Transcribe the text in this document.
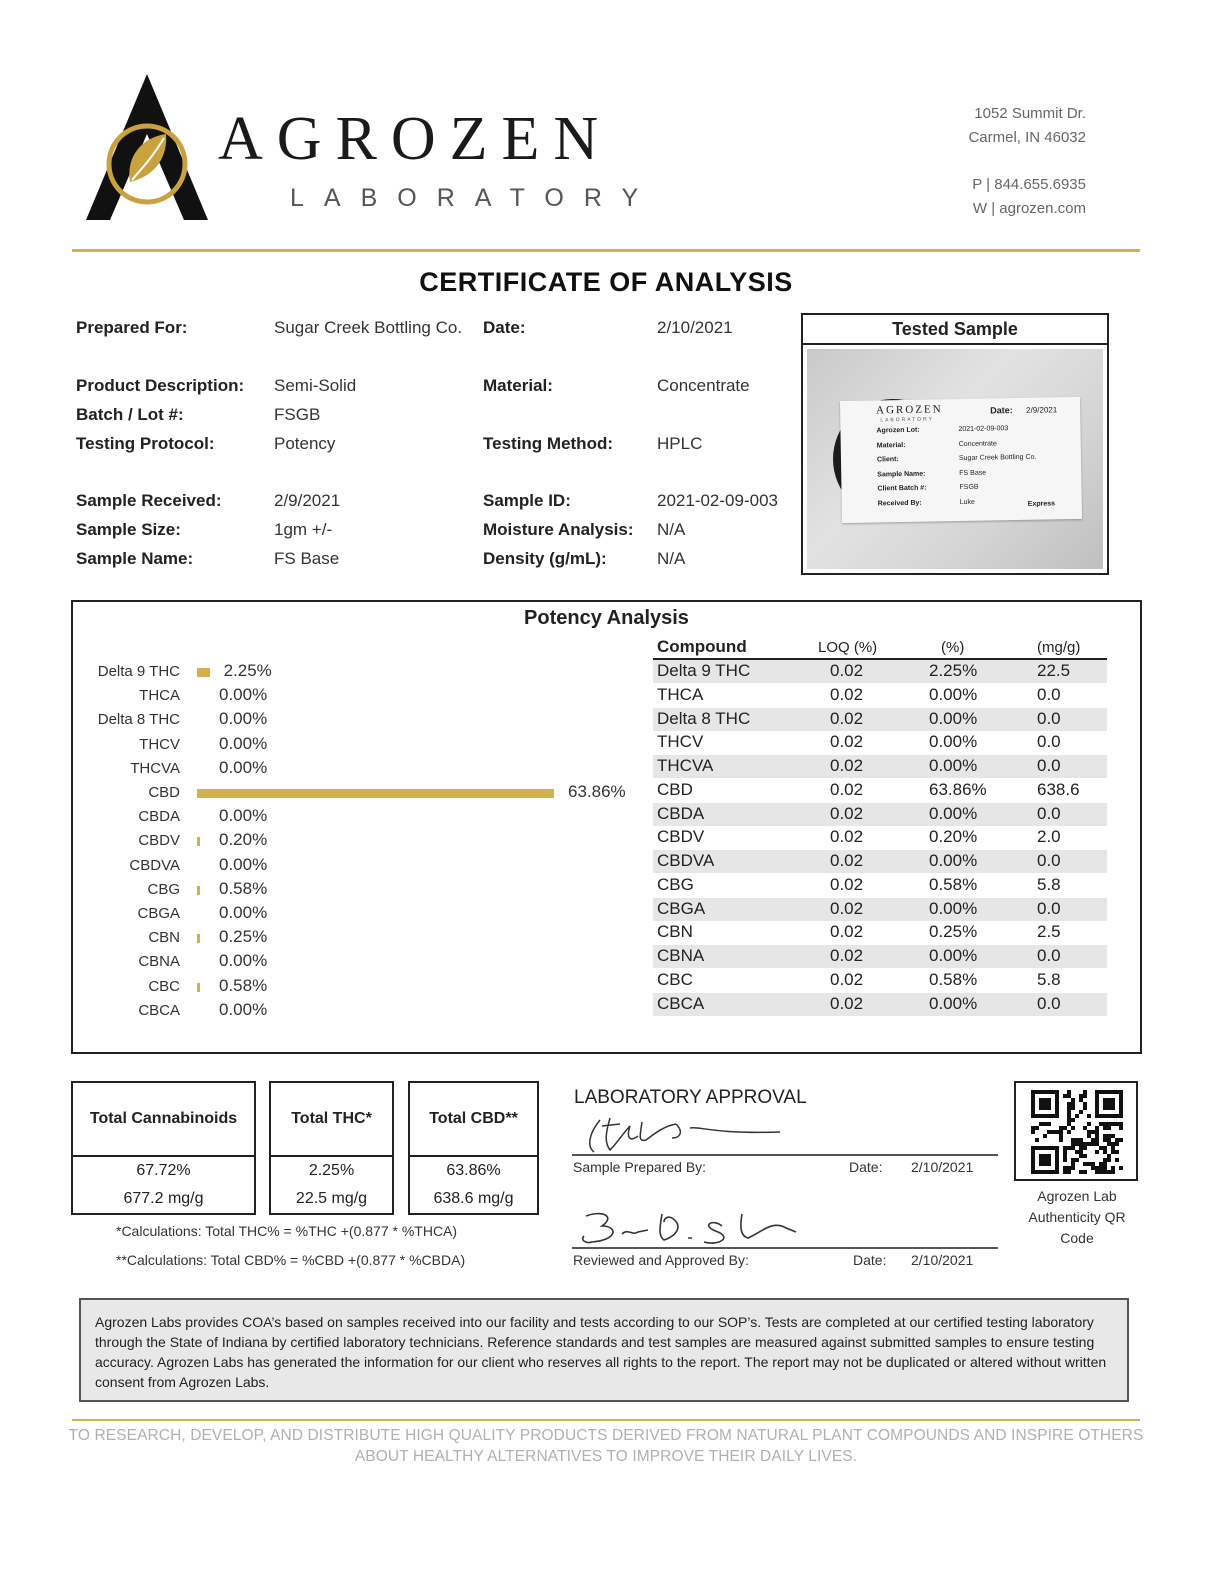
AGROZEN
LABORATORY
1052 Summit Dr.
Carmel, IN 46032
P | 844.655.6935
W | agrozen.com
CERTIFICATE OF ANALYSIS
Prepared For:	Sugar Creek Bottling Co. Date:	2/10/2021
Product Description: Semi-Solid	Material:	Concentrate
Batch / Lot #:	FSGB
Testing Protocol:	Potency	Testing Method:	HPLC
Sample Received:	2/9/2021	Sample ID:	2021-02-09-003
Sample Size:	1gm +/-	Moisture Analysis: N/A
Sample Name:	FS Base	Density (g/mL):	N/A
Tested Sample
AGROZEN
LABORATORY
Date: 2/9/2021
Agrozen Lot:	2021-02-09-003
Material:	Concentrate
Client:	Sugar Creek Bottling Co.
Sample Name:	FS Base
Client Batch #:	FSGB
Received By:	Luke	Express
Potency Analysis
Delta 9 THC	2.25%
THCA 0.00%
Delta 8 THC 0.00%
THCV 0.00%
THCVA 0.00%
CBD	63.86%
CBDA 0.00%
CBDV 0.20%
CBDVA 0.00%
CBG 0.58%
CBGA 0.00%
CBN 0.25%
CBNA 0.00%
CBC 0.58%
CBCA 0.00%
Compound	LOQ (%)	(%)	(mg/g)
Delta 9 THC	0.02	2.25%	22.5
THCA	0.02	0.00%	0.0
Delta 8 THC	0.02	0.00%	0.0
THCV	0.02	0.00%	0.0
THCVA	0.02	0.00%	0.0
CBD	0.02	63.86%	638.6
CBDA	0.02	0.00%	0.0
CBDV	0.02	0.20%	2.0
CBDVA	0.02	0.00%	0.0
CBG	0.02	0.58%	5.8
CBGA	0.02	0.00%	0.0
CBN	0.02	0.25%	2.5
CBNA	0.02	0.00%	0.0
CBC	0.02	0.58%	5.8
CBCA	0.02	0.00%	0.0
Total Cannabinoids
67.72%
677.2 mg/g
Total THC*
2.25%
22.5 mg/g
Total CBD**
63.86%
638.6 mg/g
*Calculations: Total THC% = %THC +(0.877 * %THCA)
**Calculations: Total CBD% = %CBD +(0.877 * %CBDA)
LABORATORY APPROVAL
Sample Prepared By:	Date: 2/10/2021
Reviewed and Approved By:	Date: 2/10/2021
Agrozen Lab
Authenticity QR
Code
Agrozen Labs provides COA’s based on samples received into our facility and tests according to our SOP’s. Tests are completed at our certified testing laboratory through the State of Indiana by certified laboratory technicians. Reference standards and test samples are measured against submitted samples to ensure testing accuracy. Agrozen Labs has generated the information for our client who reserves all rights to the report. The report may not be duplicated or altered without written consent from Agrozen Labs.
TO RESEARCH, DEVELOP, AND DISTRIBUTE HIGH QUALITY PRODUCTS DERIVED FROM NATURAL PLANT COMPOUNDS AND INSPIRE OTHERS
ABOUT HEALTHY ALTERNATIVES TO IMPROVE THEIR DAILY LIVES.
